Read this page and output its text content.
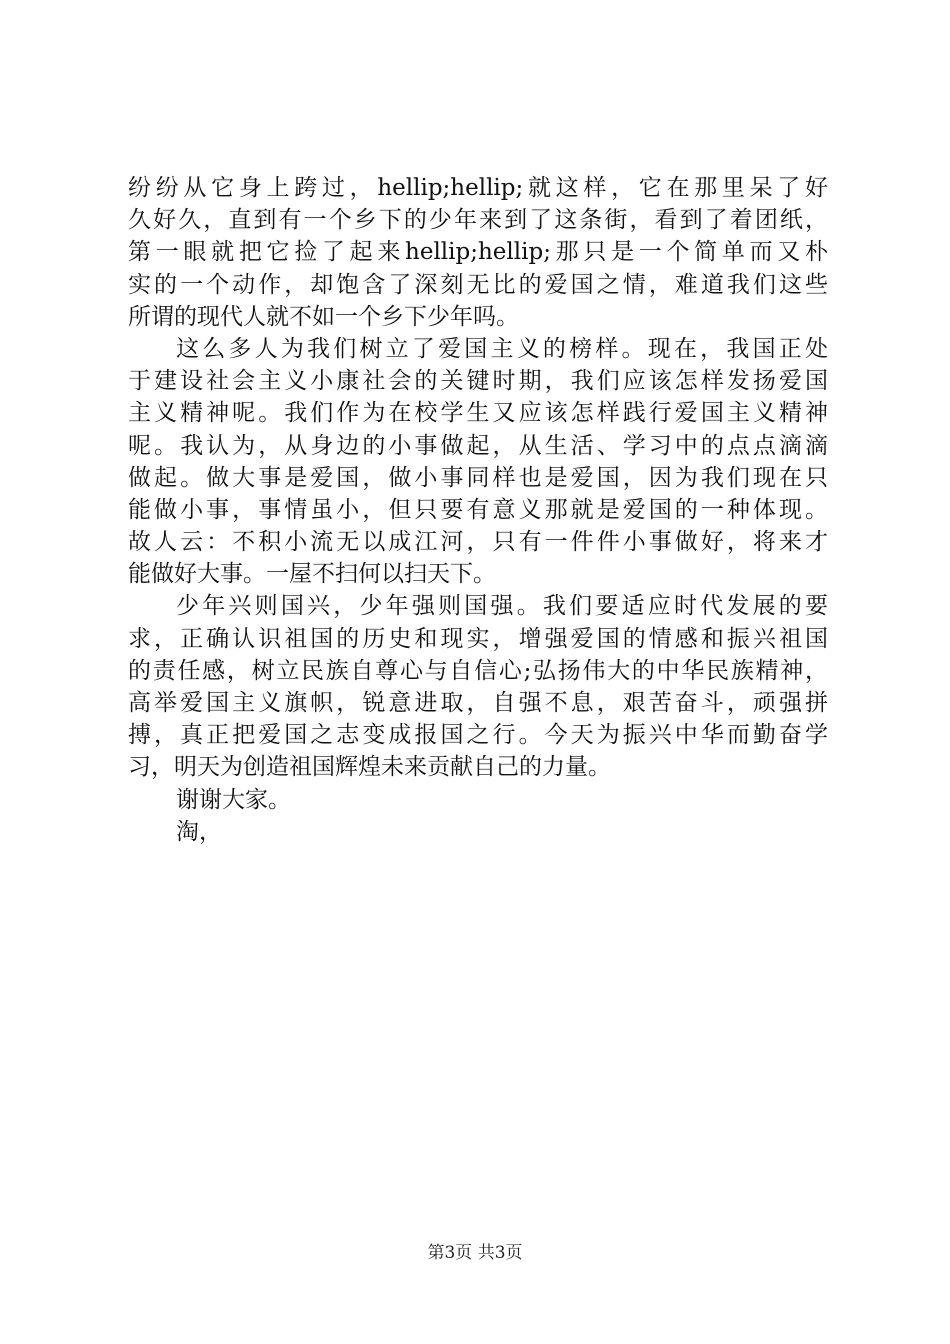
纷纷从它身上跨过，hellip;hellip;就这样，它在那里呆了好
久好久，直到有一个乡下的少年来到了这条街，看到了着团纸，
第一眼就把它捡了起来hellip;hellip;那只是一个简单而又朴
实的一个动作，却饱含了深刻无比的爱国之情，难道我们这些
所谓的现代人就不如一个乡下少年吗。
这么多人为我们树立了爱国主义的榜样。现在，我国正处
于建设社会主义小康社会的关键时期，我们应该怎样发扬爱国
主义精神呢。我们作为在校学生又应该怎样践行爱国主义精神
呢。我认为，从身边的小事做起，从生活、学习中的点点滴滴
做起。做大事是爱国，做小事同样也是爱国，因为我们现在只
能做小事，事情虽小，但只要有意义那就是爱国的一种体现。
故人云：不积小流无以成江河，只有一件件小事做好，将来才
能做好大事。一屋不扫何以扫天下。
少年兴则国兴，少年强则国强。我们要适应时代发展的要
求，正确认识祖国的历史和现实，增强爱国的情感和振兴祖国
的责任感，树立民族自尊心与自信心;弘扬伟大的中华民族精神，
高举爱国主义旗帜，锐意进取，自强不息，艰苦奋斗，顽强拼
搏，真正把爱国之志变成报国之行。今天为振兴中华而勤奋学
习，明天为创造祖国辉煌未来贡献自己的力量。
谢谢大家。
淘，
第3页 共3页
